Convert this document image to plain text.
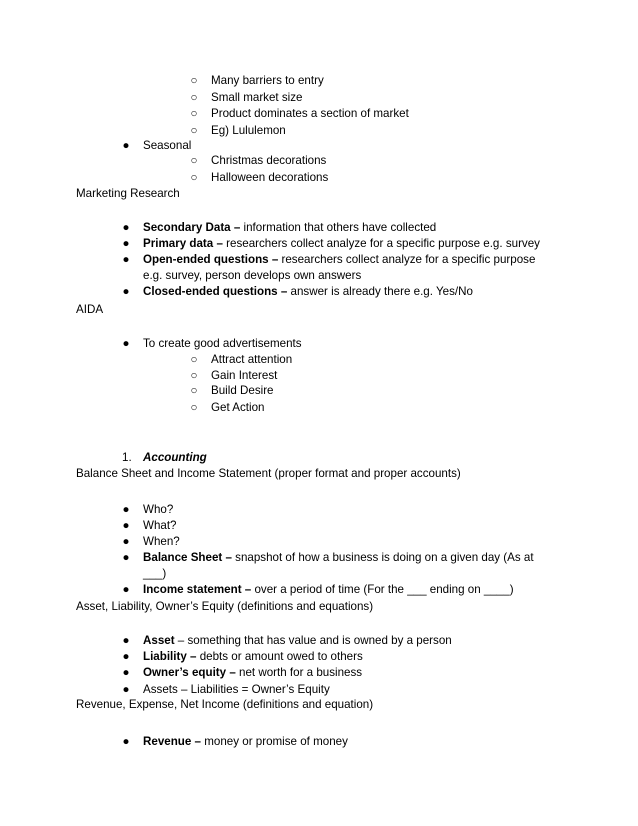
○	Many barriers to entry
○	Small market size
○	Product dominates a section of market
○	Eg) Lululemon
●	Seasonal
○	Christmas decorations
○	Halloween decorations
Marketing Research
●	Secondary Data – information that others have collected
●	Primary data – researchers collect analyze for a specific purpose e.g. survey
●	Open-ended questions – researchers collect analyze for a specific purpose
e.g. survey, person develops own answers
●	Closed-ended questions – answer is already there e.g. Yes/No
AIDA
●	To create good advertisements
○	Attract attention
○	Gain Interest
○	Build Desire
○	Get Action
1. Accounting
Balance Sheet and Income Statement (proper format and proper accounts)
●	Who?
●	What?
●	When?
●	Balance Sheet – snapshot of how a business is doing on a given day (As at
___)
●	Income statement – over a period of time (For the ___ ending on ____)
Asset, Liability, Owner’s Equity (definitions and equations)
●	Asset – something that has value and is owned by a person
●	Liability – debts or amount owed to others
●	Owner’s equity – net worth for a business
●	Assets – Liabilities = Owner’s Equity
Revenue, Expense, Net Income (definitions and equation)
●	Revenue – money or promise of money
